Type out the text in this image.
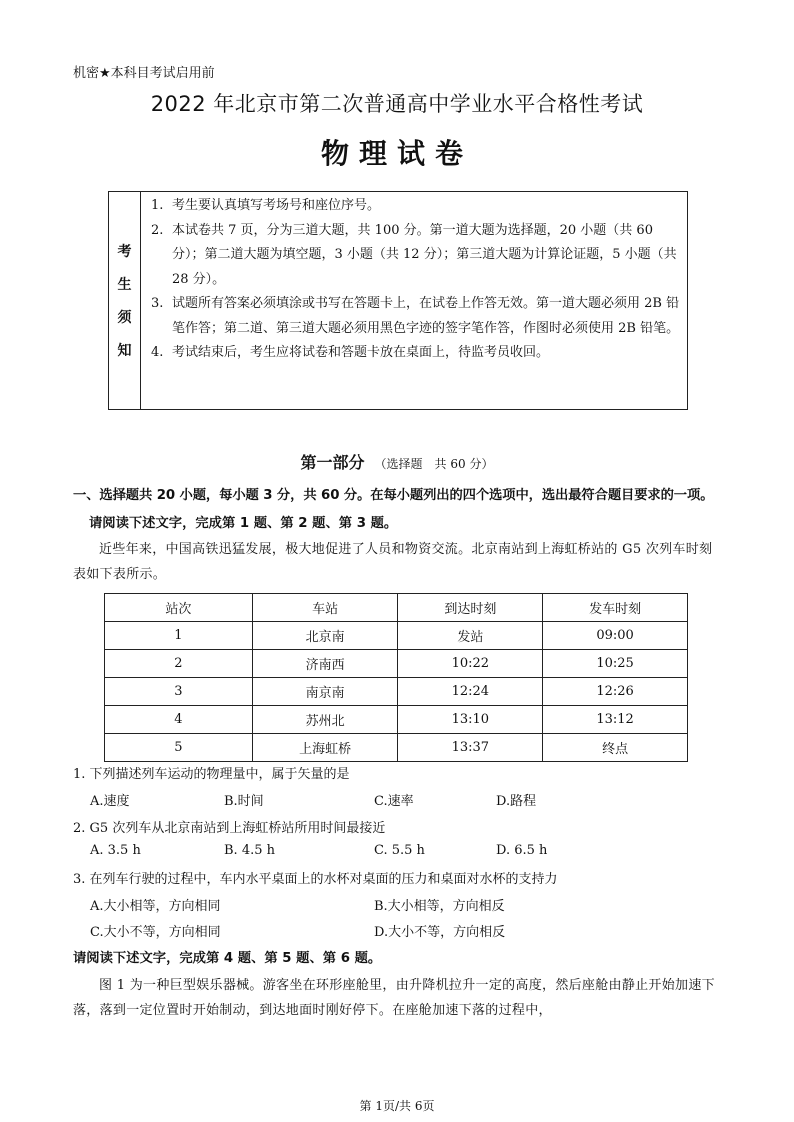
机密★本科目考试启用前
2022 年北京市第二次普通高中学业水平合格性考试
物理试卷
考
生
须
知
1. 考生要认真填写考场号和座位序号。
2. 本试卷共 7 页，分为三道大题，共 100 分。第一道大题为选择题，20 小题（共 60 分）；第二道大题为填空题，3 小题（共 12 分）；第三道大题为计算论证题，5 小题（共 28 分）。
3. 试题所有答案必须填涂或书写在答题卡上，在试卷上作答无效。第一道大题必须用 2B 铅笔作答；第二道、第三道大题必须用黑色字迹的签字笔作答，作图时必须使用 2B 铅笔。
4. 考试结束后，考生应将试卷和答题卡放在桌面上，待监考员收回。
第一部分 （选择题　共 60 分）
一、选择题共 20 小题，每小题 3 分，共 60 分。在每小题列出的四个选项中，选出最符合题目要求的一项。
请阅读下述文字，完成第 1 题、第 2 题、第 3 题。
近些年来，中国高铁迅猛发展，极大地促进了人员和物资交流。北京南站到上海虹桥站的 G5 次列车时刻表如下表所示。
站次	车站	到达时刻	发车时刻
1	北京南	发站	09:00
2	济南西	10:22	10:25
3	南京南	12:24	12:26
4	苏州北	13:10	13:12
5	上海虹桥	13:37	终点
1. 下列描述列车运动的物理量中，属于矢量的是
A.速度	B.时间	C.速率	D.路程
2. G5 次列车从北京南站到上海虹桥站所用时间最接近
A. 3.5 h	B. 4.5 h	C. 5.5 h	D. 6.5 h
3. 在列车行驶的过程中，车内水平桌面上的水杯对桌面的压力和桌面对水杯的支持力
A.大小相等，方向相同	B.大小相等，方向相反
C.大小不等，方向相同	D.大小不等，方向相反
请阅读下述文字，完成第 4 题、第 5 题、第 6 题。
图 1 为一种巨型娱乐器械。游客坐在环形座舱里，由升降机拉升一定的高度，然后座舱由静止开始加速下落，落到一定位置时开始制动，到达地面时刚好停下。在座舱加速下落的过程中，
第 1页/共 6页
